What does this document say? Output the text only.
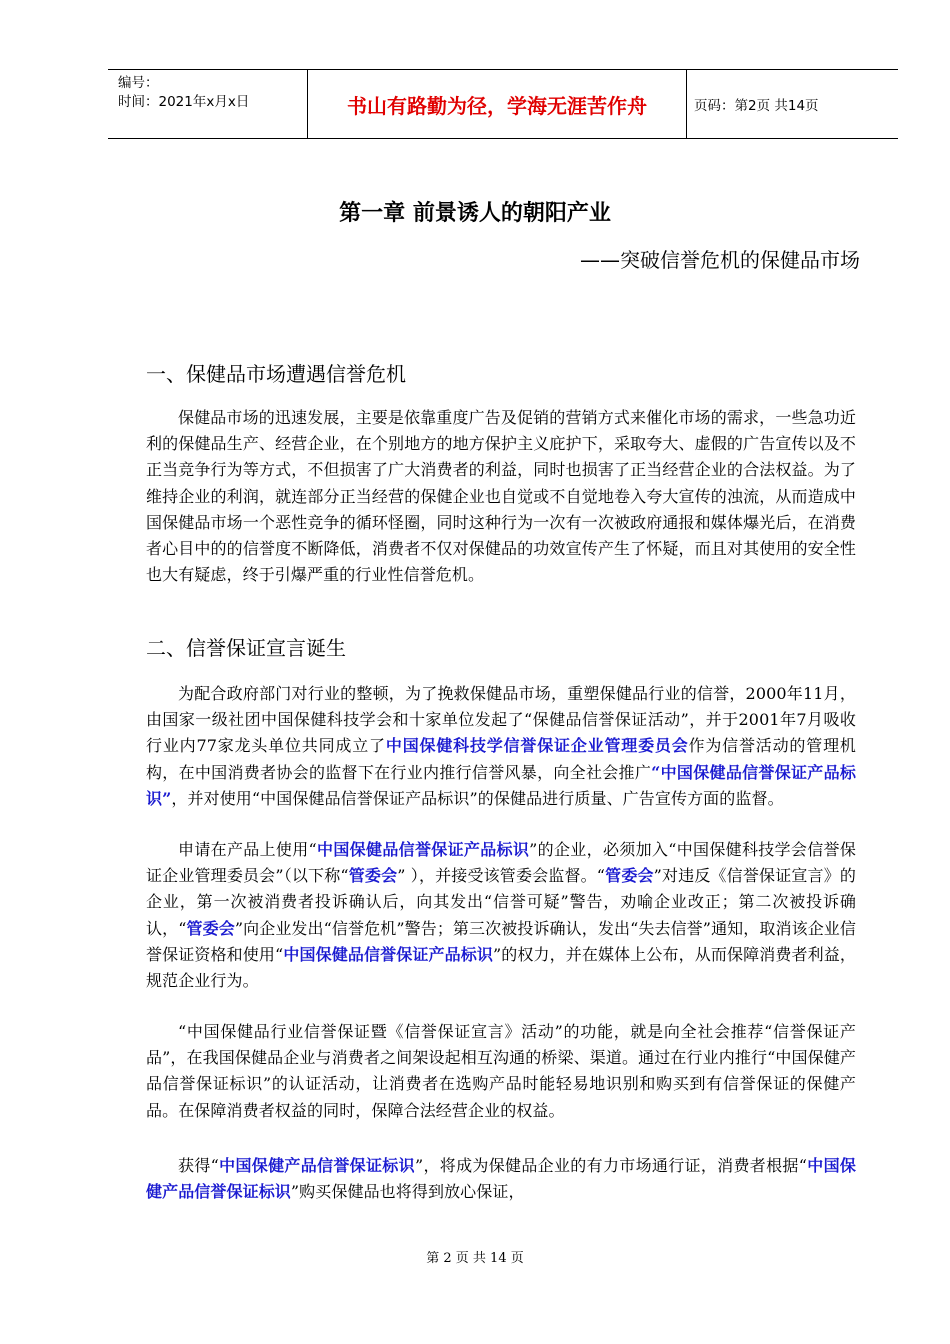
编号：
时间：2021年x月x日	书山有路勤为径，学海无涯苦作舟	页码：第2页 共14页
第一章 前景诱人的朝阳产业
——突破信誉危机的保健品市场
一、保健品市场遭遇信誉危机

保健品市场的迅速发展，主要是依靠重度广告及促销的营销方式来催化市场的需求，一些急功近利的保健品生产、经营企业，在个别地方的地方保护主义庇护下，采取夸大、虚假的广告宣传以及不正当竞争行为等方式，不但损害了广大消费者的利益，同时也损害了正当经营企业的合法权益。为了维持企业的利润，就连部分正当经营的保健企业也自觉或不自觉地卷入夸大宣传的浊流，从而造成中国保健品市场一个恶性竞争的循环怪圈，同时这种行为一次有一次被政府通报和媒体爆光后，在消费者心目中的的信誉度不断降低，消费者不仅对保健品的功效宣传产生了怀疑，而且对其使用的安全性也大有疑虑，终于引爆严重的行业性信誉危机。

二、信誉保证宣言诞生

为配合政府部门对行业的整顿，为了挽救保健品市场，重塑保健品行业的信誉，2000年11月，由国家一级社团中国保健科技学会和十家单位发起了“保健品信誉保证活动”，并于2001年7月吸收行业内77家龙头单位共同成立了中国保健科技学信誉保证企业管理委员会作为信誉活动的管理机构，在中国消费者协会的监督下在行业内推行信誉风暴，向全社会推广“中国保健品信誉保证产品标识”，并对使用“中国保健品信誉保证产品标识”的保健品进行质量、广告宣传方面的监督。

申请在产品上使用“中国保健品信誉保证产品标识”的企业，必须加入“中国保健科技学会信誉保证企业管理委员会”（以下称“管委会” ），并接受该管委会监督。“管委会”对违反《信誉保证宣言》的企业，第一次被消费者投诉确认后，向其发出“信誉可疑”警告，劝喻企业改正；第二次被投诉确认，“管委会”向企业发出“信誉危机”警告；第三次被投诉确认，发出“失去信誉”通知，取消该企业信誉保证资格和使用“中国保健品信誉保证产品标识”的权力，并在媒体上公布，从而保障消费者利益，规范企业行为。

“中国保健品行业信誉保证暨《信誉保证宣言》活动”的功能，就是向全社会推荐“信誉保证产品”，在我国保健品企业与消费者之间架设起相互沟通的桥梁、渠道。通过在行业内推行“中国保健产品信誉保证标识”的认证活动，让消费者在选购产品时能轻易地识别和购买到有信誉保证的保健产品。在保障消费者权益的同时，保障合法经营企业的权益。

获得“中国保健产品信誉保证标识”，将成为保健品企业的有力市场通行证，消费者根据“中国保健产品信誉保证标识”购买保健品也将得到放心保证，

第 2 页 共 14 页
